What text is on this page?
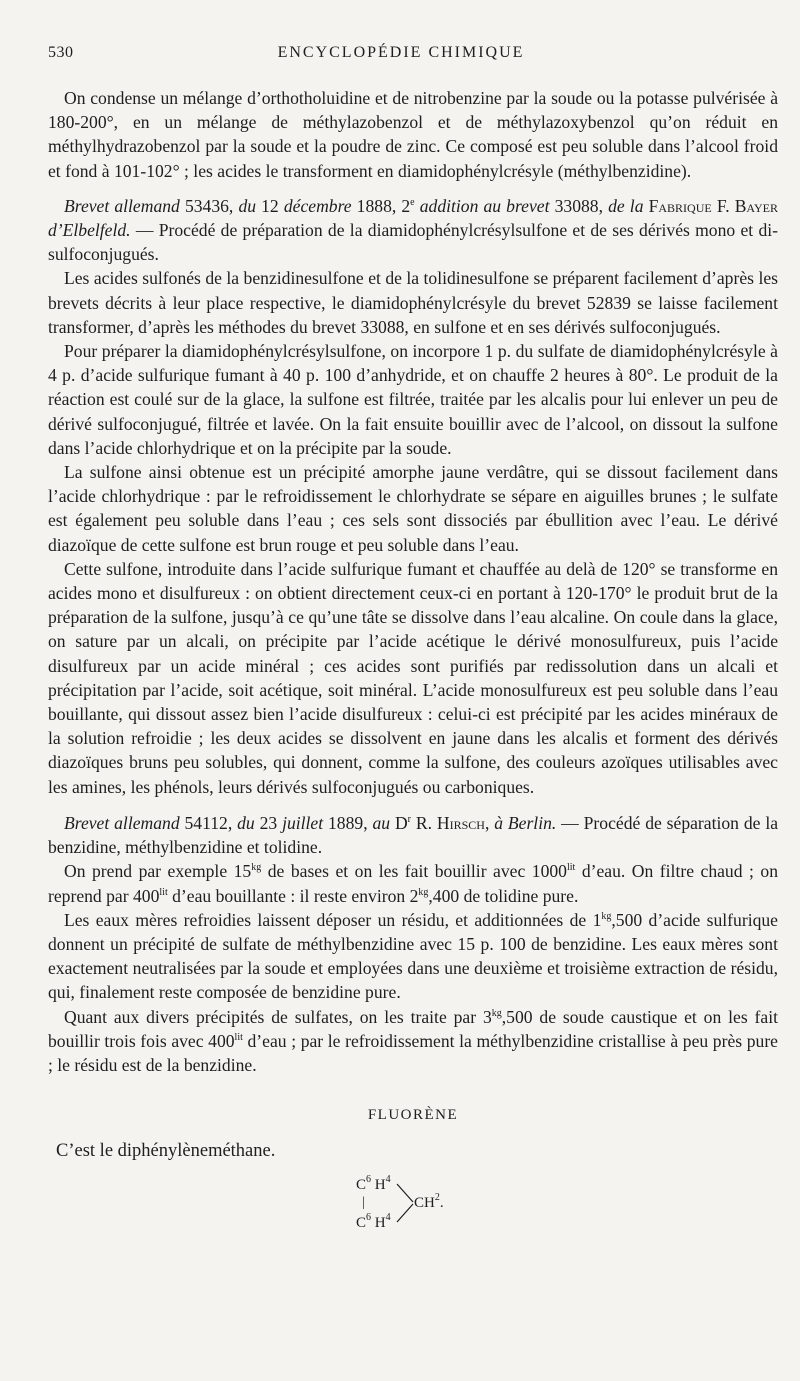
530	ENCYCLOPÉDIE CHIMIQUE

On condense un mélange d’orthotholuidine et de nitrobenzine par la soude ou la potasse pulvérisée à 180-200°, en un mélange de méthylazobenzol et de méthylazoxybenzol qu’on réduit en méthylhydrazobenzol par la soude et la poudre de zinc. Ce composé est peu soluble dans l’alcool froid et fond à 101-102° ; les acides le transforment en diamidophénylcrésyle (méthylbenzidine).

Brevet allemand 53436, du 12 décembre 1888, 2e addition au brevet 33088, de la Fabrique F. Bayer d’Elbelfeld. — Procédé de préparation de la diamidophénylcrésylsulfone et de ses dérivés mono et di-sulfoconjugués.

Les acides sulfonés de la benzidinesulfone et de la tolidinesulfone se préparent facilement d’après les brevets décrits à leur place respective, le diamidophénylcrésyle du brevet 52839 se laisse facilement transformer, d’après les méthodes du brevet 33088, en sulfone et en ses dérivés sulfoconjugués.

Pour préparer la diamidophénylcrésylsulfone, on incorpore 1 p. du sulfate de diamidophénylcrésyle à 4 p. d’acide sulfurique fumant à 40 p. 100 d’anhydride, et on chauffe 2 heures à 80°. Le produit de la réaction est coulé sur de la glace, la sulfone est filtrée, traitée par les alcalis pour lui enlever un peu de dérivé sulfoconjugué, filtrée et lavée. On la fait ensuite bouillir avec de l’alcool, on dissout la sulfone dans l’acide chlorhydrique et on la précipite par la soude.

La sulfone ainsi obtenue est un précipité amorphe jaune verdâtre, qui se dissout facilement dans l’acide chlorhydrique : par le refroidissement le chlorhydrate se sépare en aiguilles brunes ; le sulfate est également peu soluble dans l’eau ; ces sels sont dissociés par ébullition avec l’eau. Le dérivé diazoïque de cette sulfone est brun rouge et peu soluble dans l’eau.

Cette sulfone, introduite dans l’acide sulfurique fumant et chauffée au delà de 120° se transforme en acides mono et disulfureux : on obtient directement ceux-ci en portant à 120-170° le produit brut de la préparation de la sulfone, jusqu’à ce qu’une tâte se dissolve dans l’eau alcaline. On coule dans la glace, on sature par un alcali, on précipite par l’acide acétique le dérivé monosulfureux, puis l’acide disulfureux par un acide minéral ; ces acides sont purifiés par redissolution dans un alcali et précipitation par l’acide, soit acétique, soit minéral. L’acide monosulfureux est peu soluble dans l’eau bouillante, qui dissout assez bien l’acide disulfureux : celui-ci est précipité par les acides minéraux de la solution refroidie ; les deux acides se dissolvent en jaune dans les alcalis et forment des dérivés diazoïques bruns peu solubles, qui donnent, comme la sulfone, des couleurs azoïques utilisables avec les amines, les phénols, leurs dérivés sulfoconjugués ou carboniques.

Brevet allemand 54112, du 23 juillet 1889, au $D^r$ R. Hirsch, à Berlin. — Procédé de séparation de la benzidine, méthylbenzidine et tolidine.

On prend par exemple $15^{kg}$ de bases et on les fait bouillir avec $1000^{lit}$ d’eau. On filtre chaud ; on reprend par $400^{lit}$ d’eau bouillante : il reste environ $2^{kg},400$ de tolidine pure.

Les eaux mères refroidies laissent déposer un résidu, et additionnées de $1^{kg},500$ d’acide sulfurique donnent un précipité de sulfate de méthylbenzidine avec 15 p. 100 de benzidine. Les eaux mères sont exactement neutralisées par la soude et employées dans une deuxième et troisième extraction de résidu, qui, finalement reste composée de benzidine pure.

Quant aux divers précipités de sulfates, on les traite par $3^{kg},500$ de soude caustique et on les fait bouillir trois fois avec $400^{lit}$ d’eau ; par le refroidissement la méthylbenzidine cristallise à peu près pure ; le résidu est de la benzidine.

FLUORÈNE

C’est le diphénylèneméthane.

$C^6$ $H^4$
|
$C^6$ $H^4$
$CH^2$.
